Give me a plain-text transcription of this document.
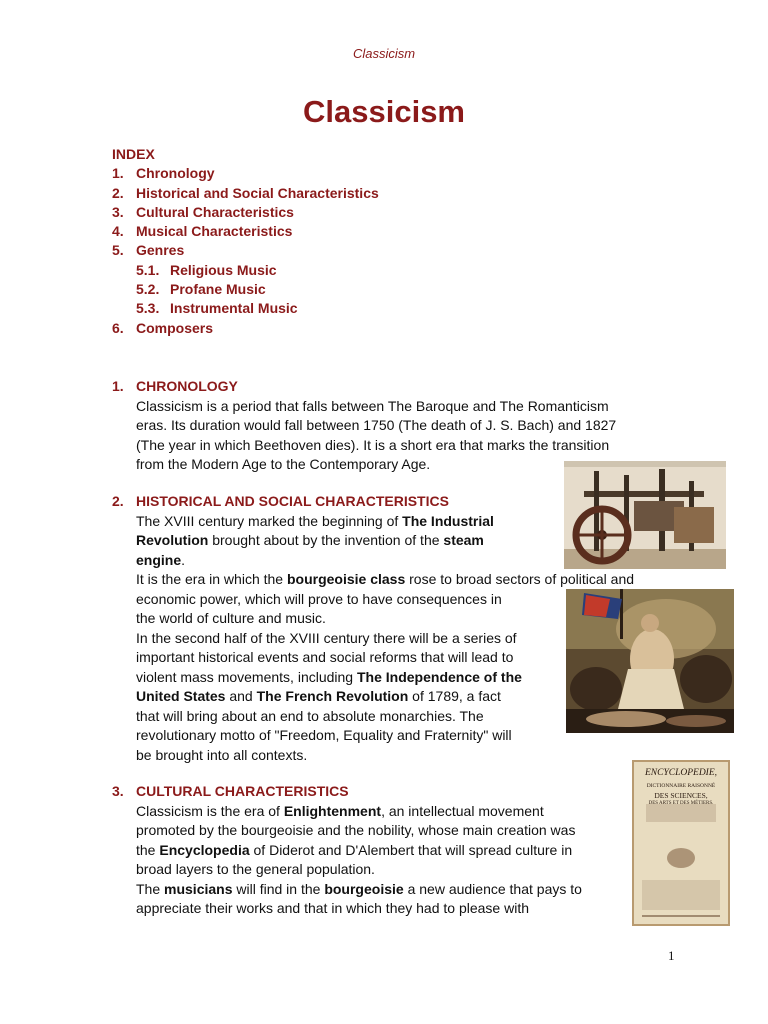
Classicism
Classicism
INDEX
1. Chronology
2. Historical and Social Characteristics
3. Cultural Characteristics
4. Musical Characteristics
5. Genres
5.1. Religious Music
5.2. Profane Music
5.3. Instrumental Music
6. Composers
1. CHRONOLOGY

Classicism is a period that falls between The Baroque and The Romanticism

eras. Its duration would fall between 1750 (The death of J. S. Bach) and 1827

(The year in which Beethoven dies). It is a short era that marks the transition

from the Modern Age to the Contemporary Age.

2. HISTORICAL AND SOCIAL CHARACTERISTICS

The XVIII century marked the beginning of The Industrial

Revolution brought about by the invention of the steam

engine.

It is the era in which the bourgeoisie class rose to broad sectors of political and

economic power, which will prove to have consequences in

the world of culture and music.

In the second half of the XVIII century there will be a series of

important historical events and social reforms that will lead to

violent mass movements, including The Independence of the

United States and The French Revolution of 1789, a fact

that will bring about an end to absolute monarchies. The

revolutionary motto of "Freedom, Equality and Fraternity" will

be brought into all contexts.

3. CULTURAL CHARACTERISTICS

Classicism is the era of Enlightenment, an intellectual movement

promoted by the bourgeoisie and the nobility, whose main creation was

the Encyclopedia of Diderot and D'Alembert that will spread culture in

broad layers to the general population.

The musicians will find in the bourgeoisie a new audience that pays to

appreciate their works and that in which they had to please with

ENCYCLOPEDIE,
DICTIONNAIRE RAISONNÉ
DES SCIENCES,
DES ARTS ET DES MÉTIERS.
1
